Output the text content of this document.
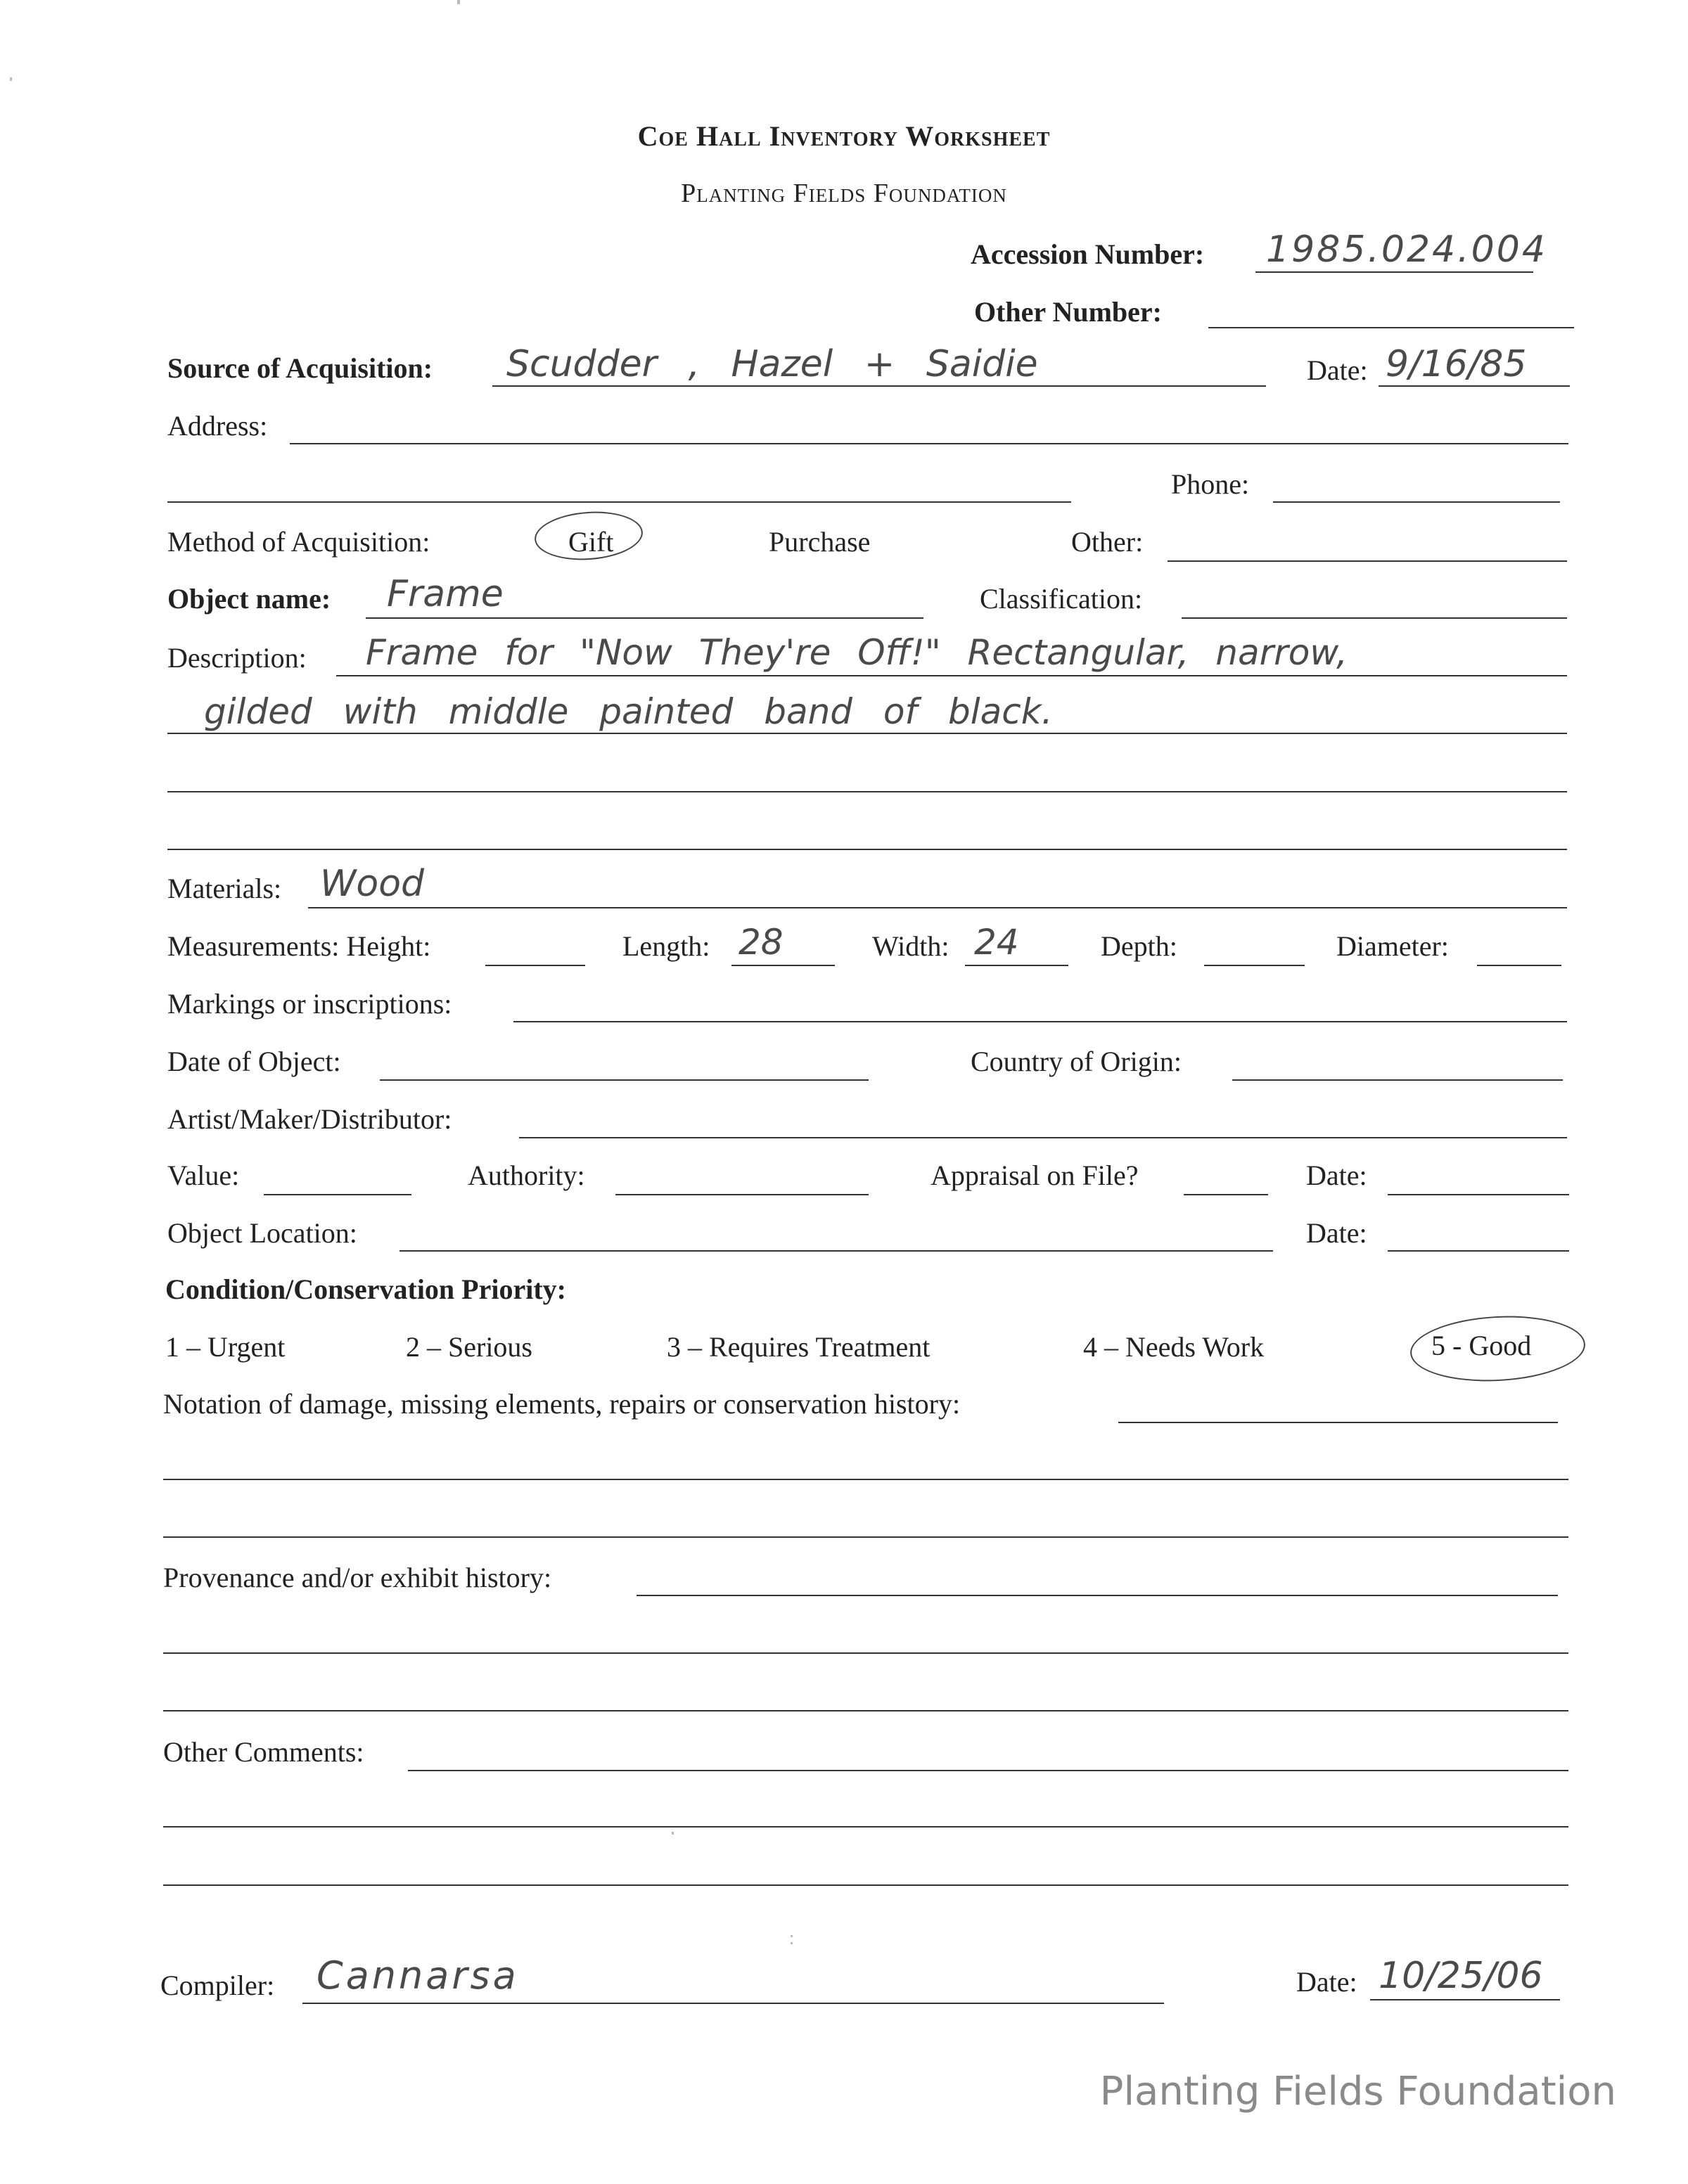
Coe Hall Inventory Worksheet
Planting Fields Foundation
Accession Number: 1985.024.004
Other Number:
Source of Acquisition: Scudder , Hazel + Saidie	Date: 9/16/85
Address:
Phone:
Method of Acquisition:	Gift	Purchase	Other:
Object name: Frame	Classification:
Description: Frame for "Now They're Off!" Rectangular, narrow,
gilded with middle painted band of black.
Materials: Wood
Measurements: Height:	Length: 28	Width: 24	Depth:	Diameter:
Markings or inscriptions:
Date of Object:	Country of Origin:
Artist/Maker/Distributor:
Value:	Authority:	Appraisal on File?	Date:
Object Location:	Date:
Condition/Conservation Priority:
1 – Urgent	2 – Serious	3 – Requires Treatment	4 – Needs Work	5 - Good
Notation of damage, missing elements, repairs or conservation history:
Provenance and/or exhibit history:
Other Comments:
Compiler: Cannarsa	Date: 10/25/06
Planting Fields Foundation
